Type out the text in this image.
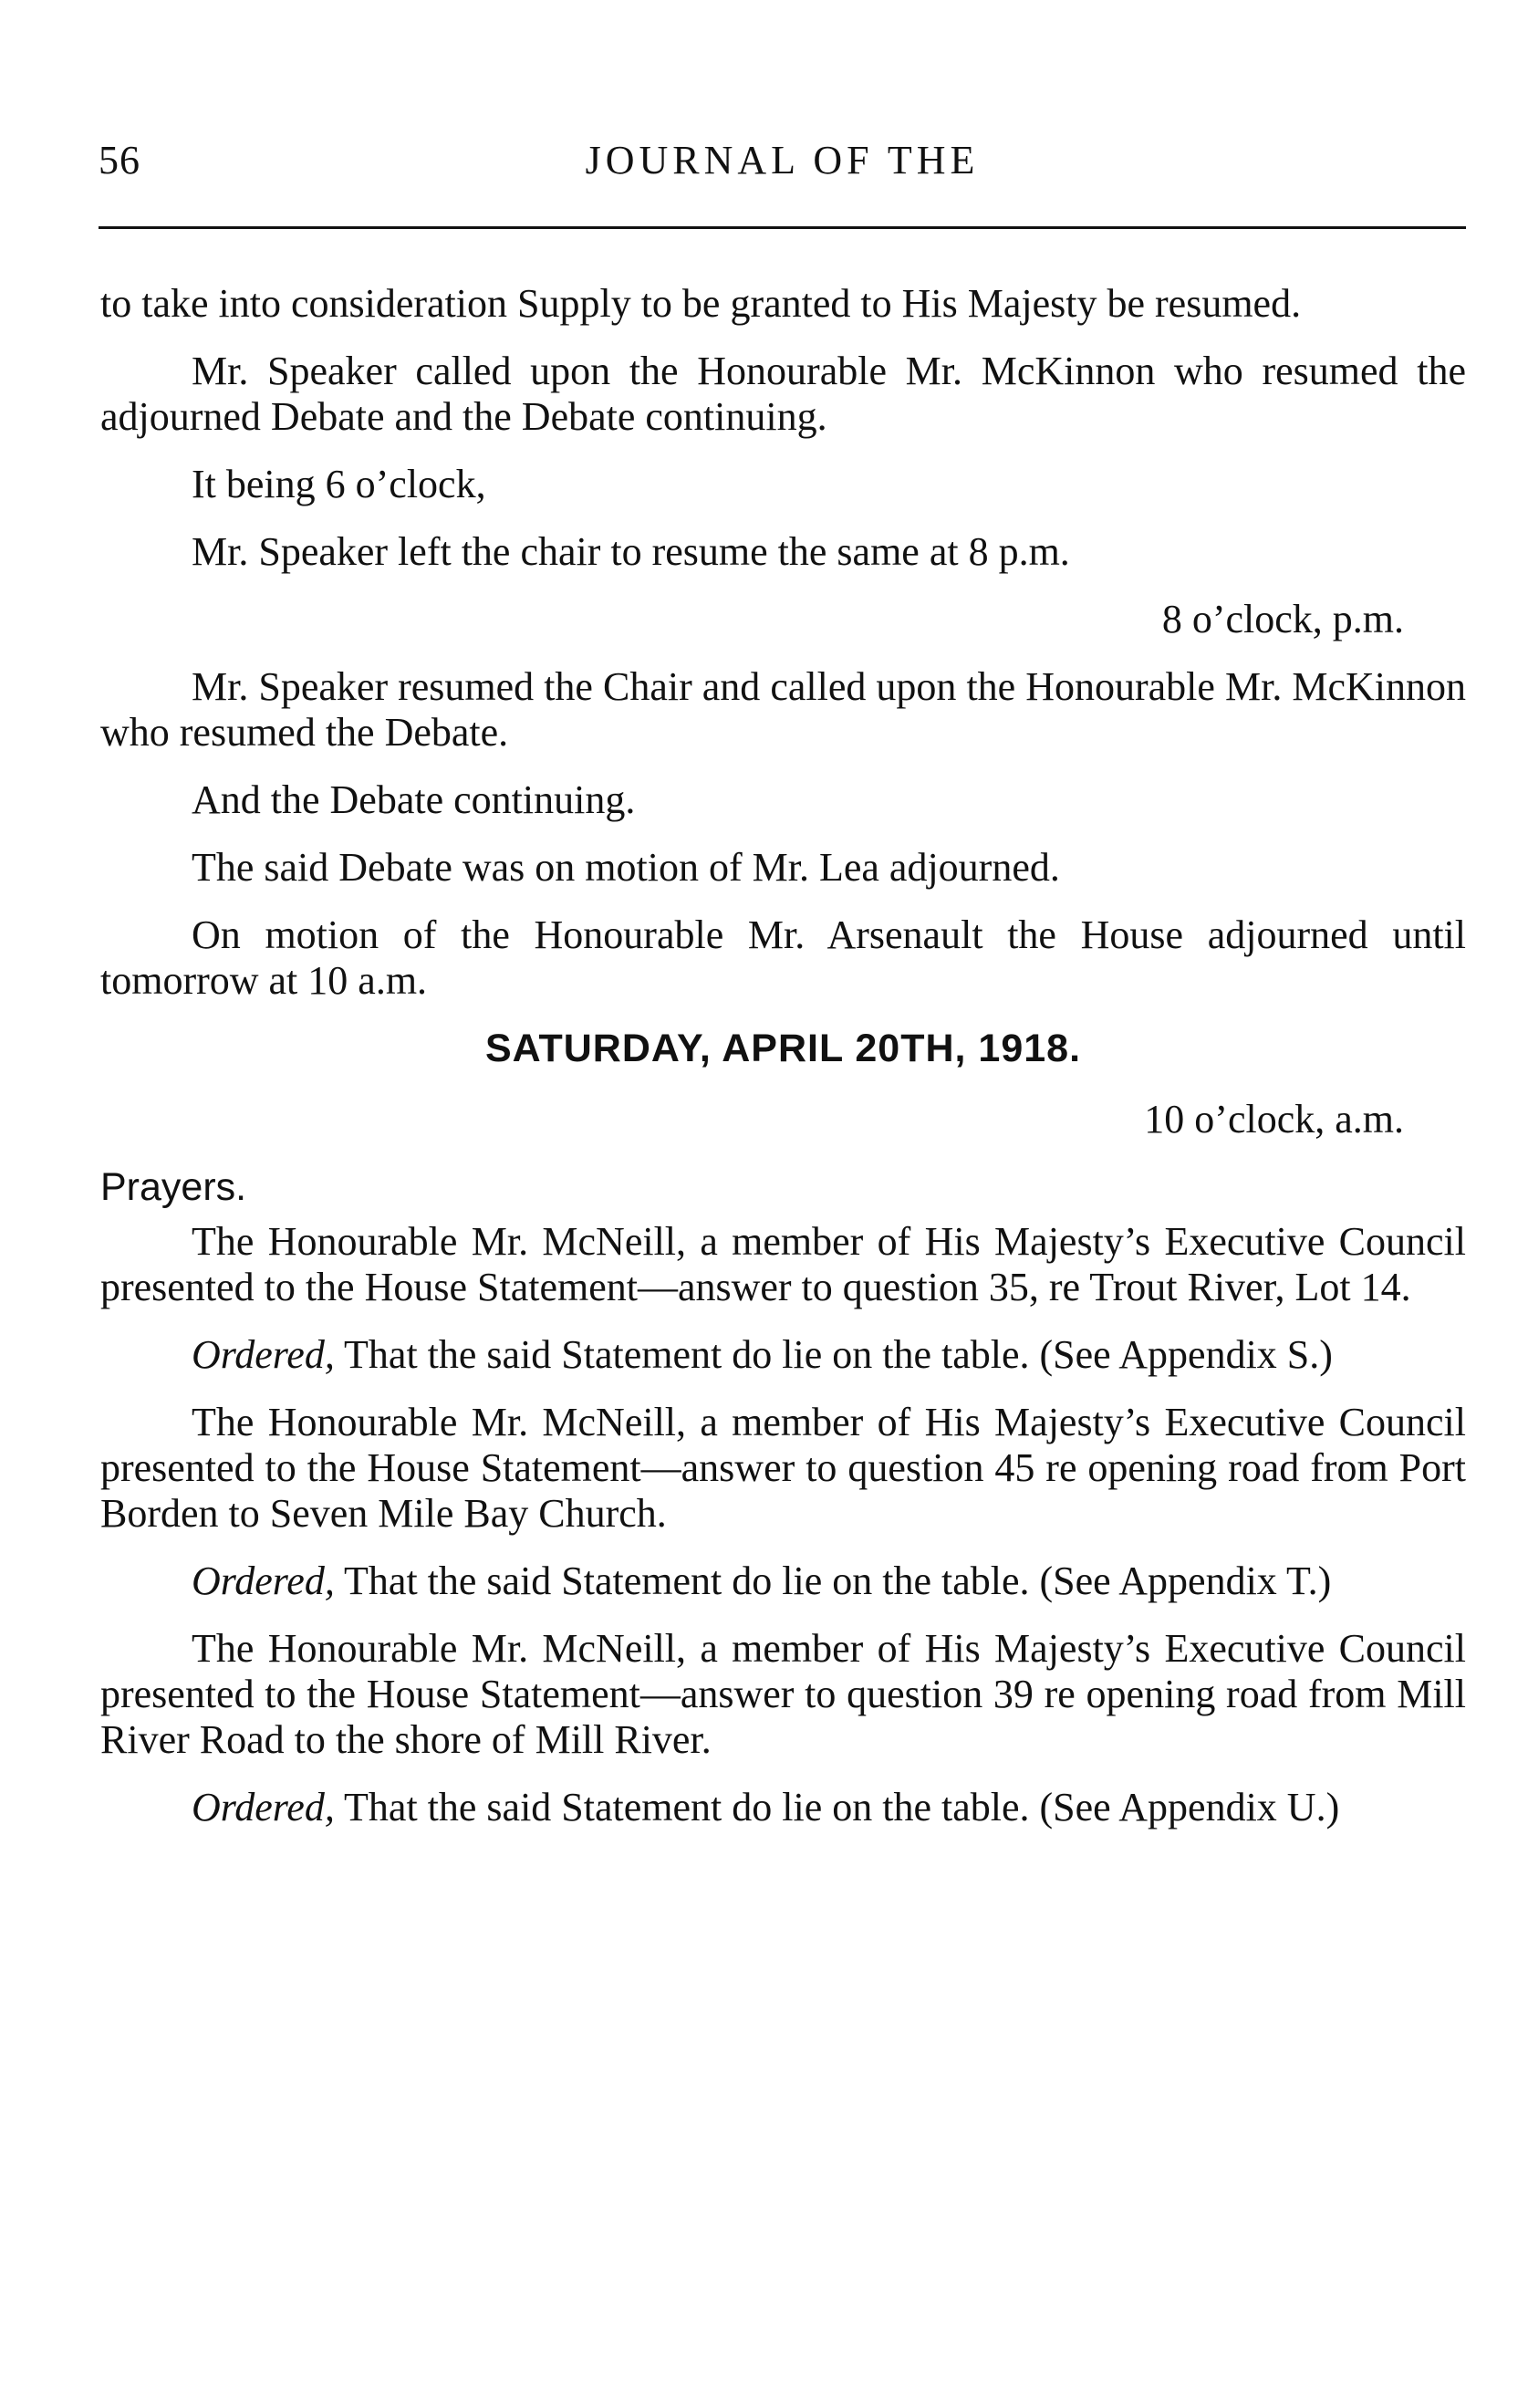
56	JOURNAL OF THE

to take into consideration Supply to be granted to His Majesty be resumed.

Mr. Speaker called upon the Honourable Mr. McKinnon who resumed the adjourned Debate and the Debate continuing.

It being 6 o’clock,

Mr. Speaker left the chair to resume the same at 8 p.m.

8 o’clock, p.m.

Mr. Speaker resumed the Chair and called upon the Honourable Mr. McKinnon who resumed the Debate.

And the Debate continuing.

The said Debate was on motion of Mr. Lea adjourned.

On motion of the Honourable Mr. Arsenault the House adjourned until tomorrow at 10 a.m.

SATURDAY, APRIL 20TH, 1918.
10 o’clock, a.m.
Prayers.

The Honourable Mr. McNeill, a member of His Majesty’s Executive Council presented to the House Statement—answer to question 35, re Trout River, Lot 14.

Ordered, That the said Statement do lie on the table. (See Appendix S.)

The Honourable Mr. McNeill, a member of His Majesty’s Executive Council presented to the House Statement—answer to question 45 re opening road from Port Borden to Seven Mile Bay Church.

Ordered, That the said Statement do lie on the table. (See Appendix T.)

The Honourable Mr. McNeill, a member of His Majesty’s Executive Council presented to the House Statement—answer to question 39 re opening road from Mill River Road to the shore of Mill River.

Ordered, That the said Statement do lie on the table. (See Appendix U.)
